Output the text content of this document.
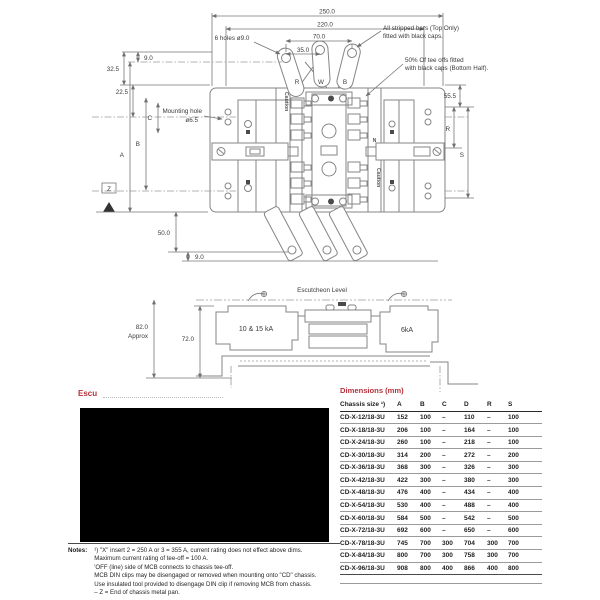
Caution
N
Caution
R	W	B
250.0
220.0
70.0
35.0
9.0
32.5
22.5
C
B
A
Z
50.0
9.0
55.5
R
S
6 holes ø9.0
All stripped bars (Top Only)
fitted with black caps.
50% Of tee offs fitted
with black caps (Bottom Half).
Mounting hole
ø6.5
Escutcheon Level
10 & 15 kA	6kA
82.0
Approx	72.0
Escu	Dimensions (mm)
Chassis size ¹)	A	B	C	D	R	S
CD-X-12/18-3U	152	100	–	110	–	100
CD-X-18/18-3U	206	100	–	164	–	100
CD-X-24/18-3U	260	100	–	218	–	100
CD-X-30/18-3U	314	200	–	272	–	200
CD-X-36/18-3U	368	300	–	326	–	300
CD-X-42/18-3U	422	300	–	380	–	300
CD-X-48/18-3U	476	400	–	434	–	400
CD-X-54/18-3U	530	400	–	488	–	400
CD-X-60/18-3U	584	500	–	542	–	500
CD-X-72/18-3U	692	600	–	650	–	600
CD-X-78/18-3U	745	700	300	704	300	700
CD-X-84/18-3U	800	700	300	758	300	700
CD-X-96/18-3U	908	800	400	866	400	800
Notes: ¹) "X" insert 2 = 250 A or 3 = 355 A, current rating does not effect above dims.
Maximum current rating of tee-off = 100 A.
'OFF (line) side of MCB connects to chassis tee-off.
MCB DIN clips may be disengaged or removed when mounting onto "CD" chassis.
Use insulated tool provided to disengage DIN clip if removing MCB from chassis.
– Z = End of chassis metal pan.
